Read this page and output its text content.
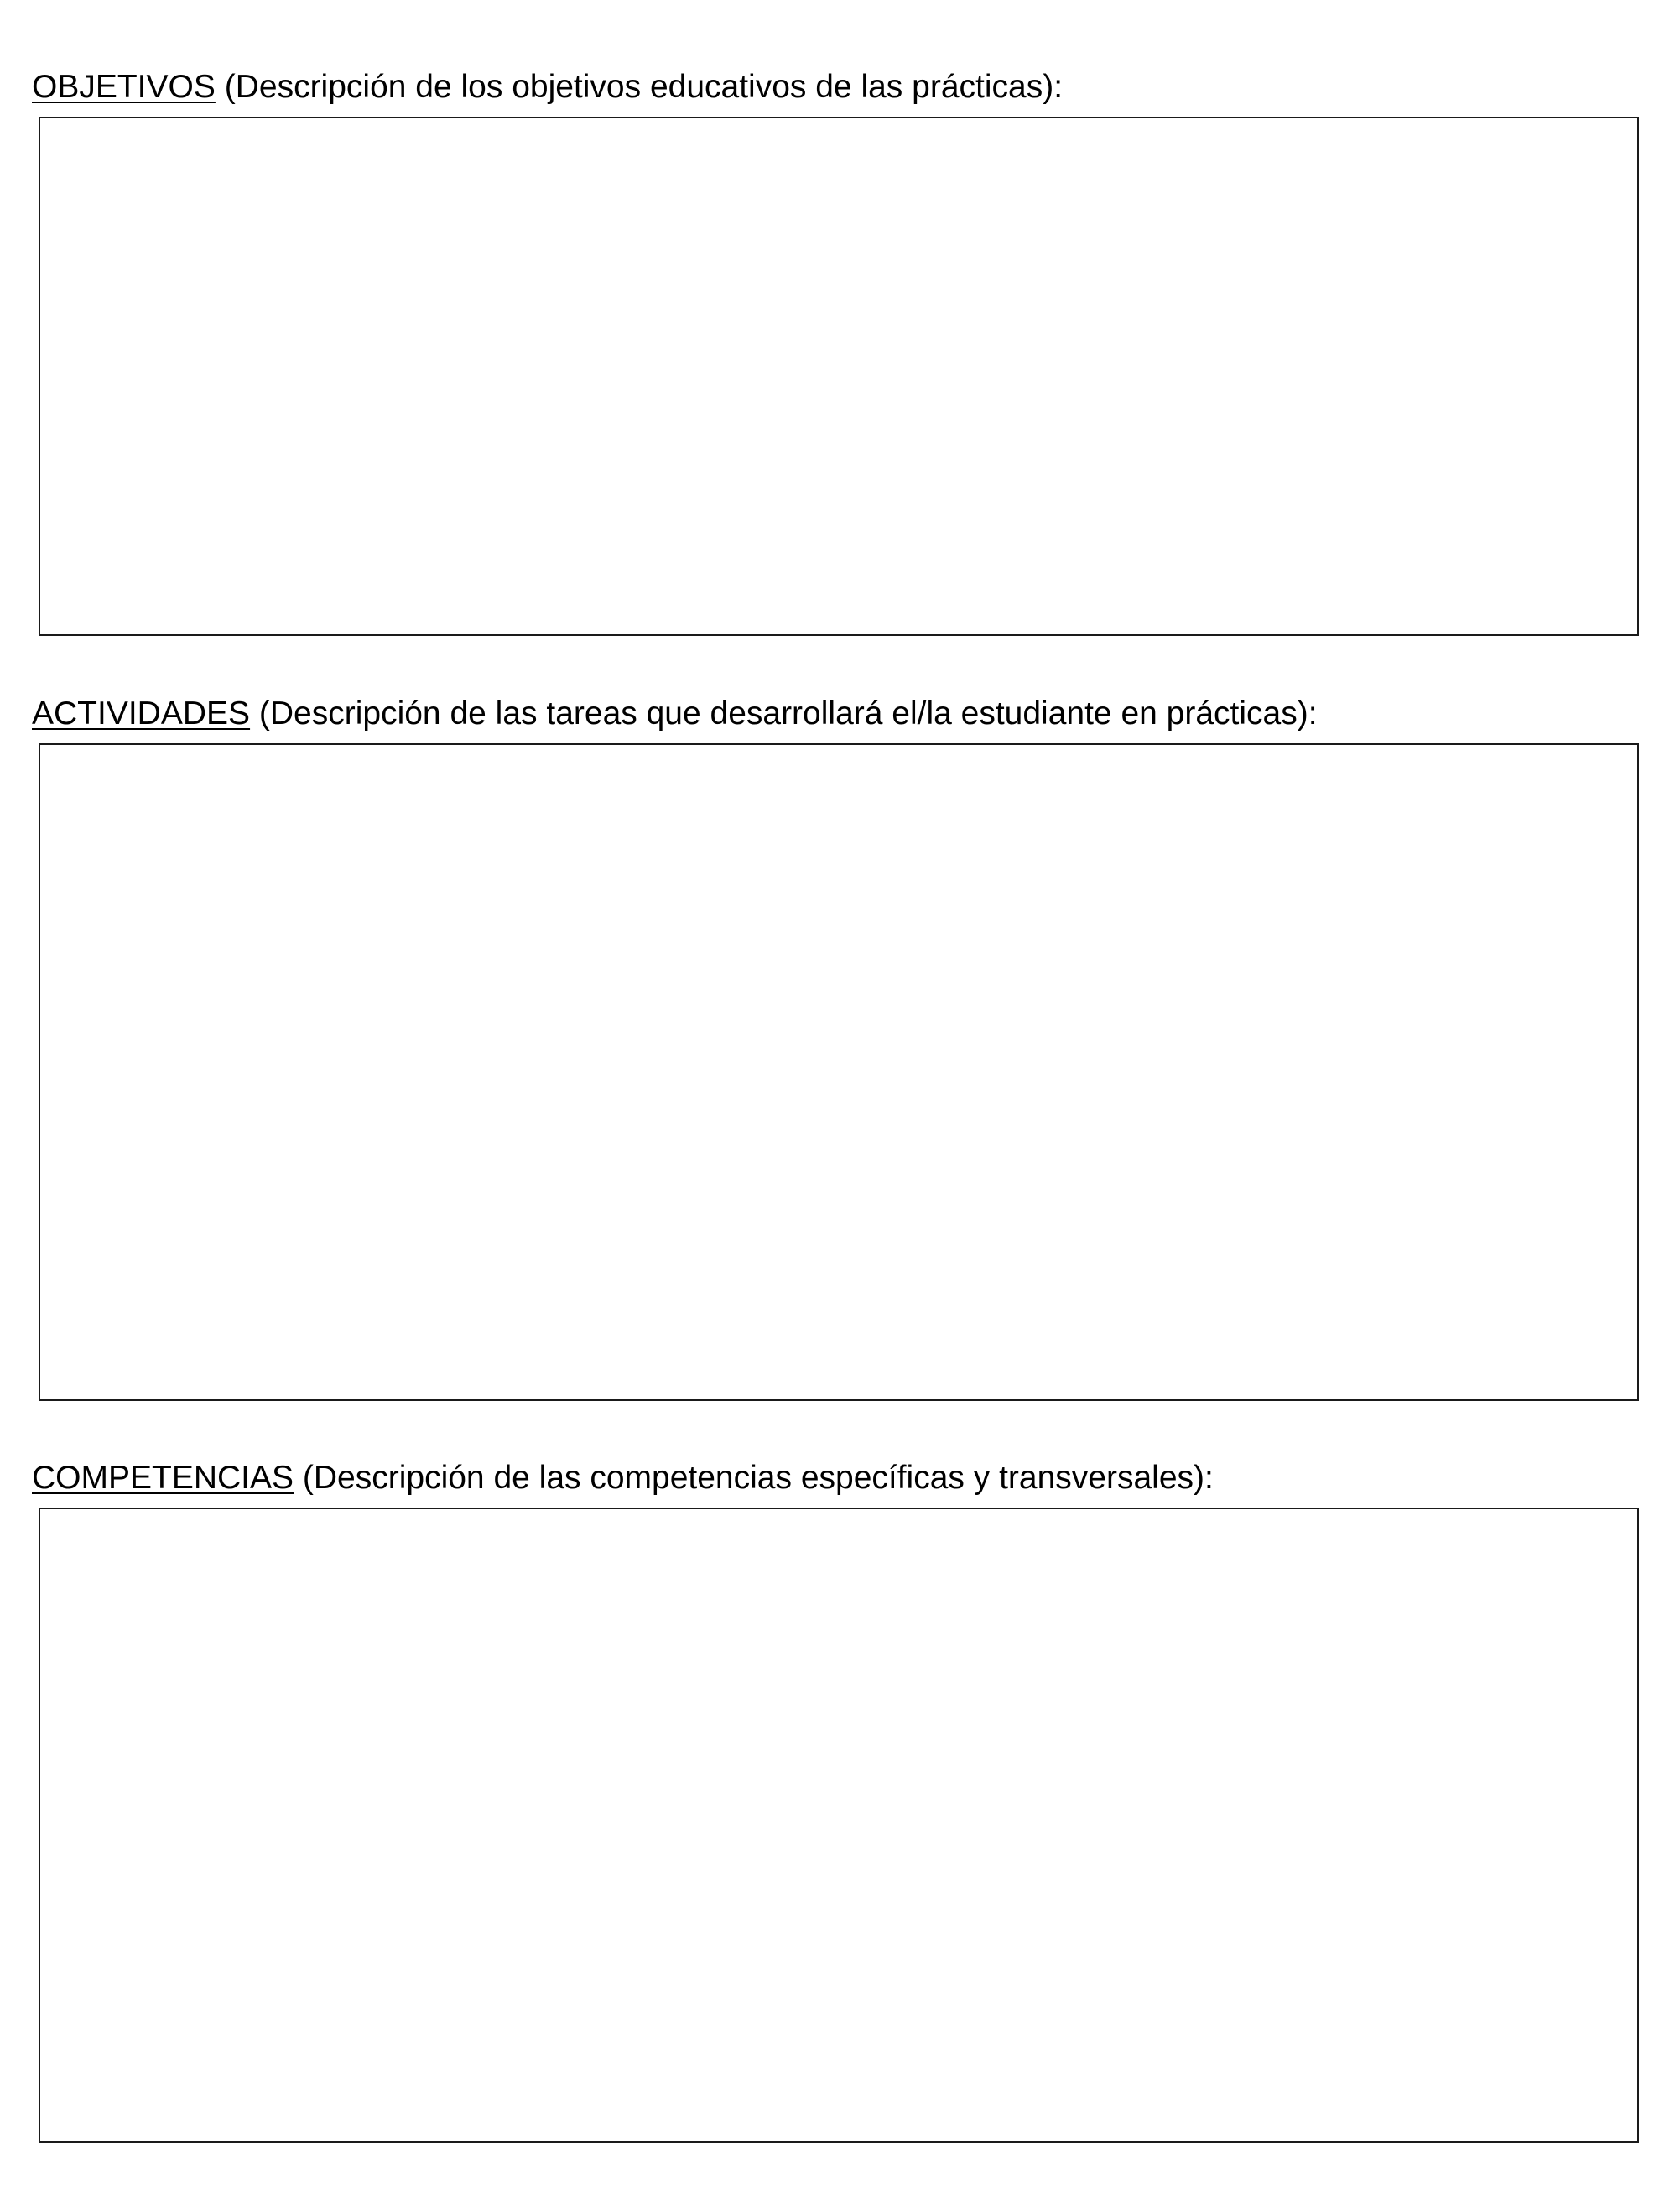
OBJETIVOS (Descripción de los objetivos educativos de las prácticas):
ACTIVIDADES (Descripción de las tareas que desarrollará el/la estudiante en prácticas):
COMPETENCIAS (Descripción de las competencias específicas y transversales):
